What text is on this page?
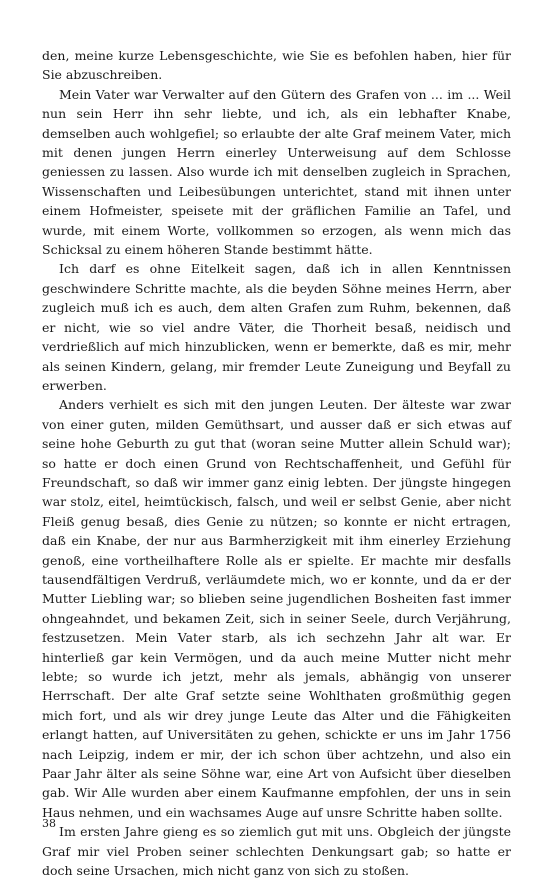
den, meine kurze Lebensgeschichte, wie Sie es befohlen haben, hier für Sie abzuschreiben.

Mein Vater war Verwalter auf den Gütern des Grafen von ... im ... Weil nun sein Herr ihn sehr liebte, und ich, als ein lebhafter Knabe, demselben auch wohlgefiel; so erlaubte der alte Graf meinem Vater, mich mit denen jungen Herrn einerley Unterweisung auf dem Schlosse geniessen zu lassen. Also wurde ich mit denselben zugleich in Sprachen, Wissenschaften und Leibesübungen unterichtet, stand mit ihnen unter einem Hofmeister, speisete mit der gräflichen Familie an Tafel, und wurde, mit einem Worte, vollkommen so erzogen, als wenn mich das Schicksal zu einem höheren Stande bestimmt hätte.

Ich darf es ohne Eitelkeit sagen, daß ich in allen Kenntnissen geschwindere Schritte machte, als die beyden Söhne meines Herrn, aber zugleich muß ich es auch, dem alten Grafen zum Ruhm, bekennen, daß er nicht, wie so viel andre Väter, die Thorheit besaß, neidisch und verdrießlich auf mich hinzublicken, wenn er bemerkte, daß es mir, mehr als seinen Kindern, gelang, mir fremder Leute Zuneigung und Beyfall zu erwerben.

Anders verhielt es sich mit den jungen Leuten. Der älteste war zwar von einer guten, milden Gemüthsart, und ausser daß er sich etwas auf seine hohe Geburth zu gut that (woran seine Mutter allein Schuld war); so hatte er doch einen Grund von Rechtschaffenheit, und Gefühl für Freundschaft, so daß wir immer ganz einig lebten. Der jüngste hingegen war stolz, eitel, heimtückisch, falsch, und weil er selbst Genie, aber nicht Fleiß genug besaß, dies Genie zu nützen; so konnte er nicht ertragen, daß ein Knabe, der nur aus Barmherzigkeit mit ihm einerley Erziehung genoß, eine vortheilhaftere Rolle als er spielte. Er machte mir desfalls tausendfältigen Verdruß, verläumdete mich, wo er konnte, und da er der Mutter Liebling war; so blieben seine jugendlichen Bosheiten fast immer ohngeahndet, und bekamen Zeit, sich in seiner Seele, durch Verjährung, festzusetzen. Mein Vater starb, als ich sechzehn Jahr alt war. Er hinterließ gar kein Vermögen, und da auch meine Mutter nicht mehr lebte; so wurde ich jetzt, mehr als jemals, abhängig von unserer Herrschaft. Der alte Graf setzte seine Wohlthaten großmüthig gegen mich fort, und als wir drey junge Leute das Alter und die Fähigkeiten erlangt hatten, auf Universitäten zu gehen, schickte er uns im Jahr 1756 nach Leipzig, indem er mir, der ich schon über achtzehn, und also ein Paar Jahr älter als seine Söhne war, eine Art von Aufsicht über dieselben gab. Wir Alle wurden aber einem Kaufmanne empfohlen, der uns in sein Haus nehmen, und ein wachsames Auge auf unsre Schritte haben sollte.

Im ersten Jahre gieng es so ziemlich gut mit uns. Obgleich der jüngste Graf mir viel Proben seiner schlechten Denkungsart gab; so hatte er doch seine Ursachen, mich nicht ganz von sich zu stoßen.

38
